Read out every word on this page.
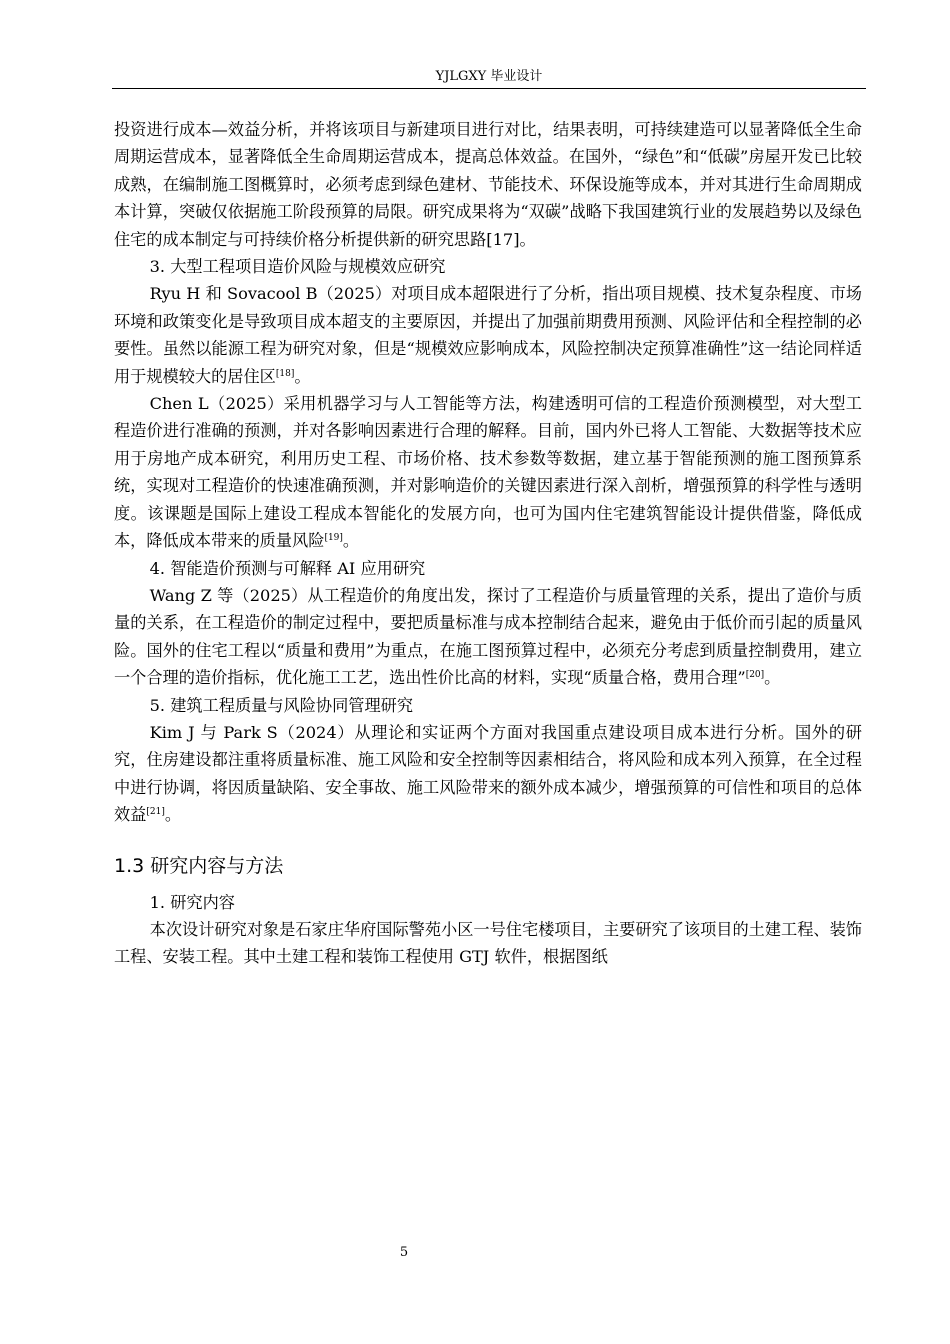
YJLGXY 毕业设计

投资进行成本—效益分析，并将该项目与新建项目进行对比，结果表明，可持续建造可以显著降低全生命周期运营成本，显著降低全生命周期运营成本，提高总体效益。在国外，“绿色”和“低碳”房屋开发已比较成熟，在编制施工图概算时，必须考虑到绿色建材、节能技术、环保设施等成本，并对其进行生命周期成本计算，突破仅依据施工阶段预算的局限。研究成果将为“双碳”战略下我国建筑行业的发展趋势以及绿色住宅的成本制定与可持续价格分析提供新的研究思路[17]。

3. 大型工程项目造价风险与规模效应研究

Ryu H 和 Sovacool B（2025）对项目成本超限进行了分析，指出项目规模、技术复杂程度、市场环境和政策变化是导致项目成本超支的主要原因，并提出了加强前期费用预测、风险评估和全程控制的必要性。虽然以能源工程为研究对象，但是“规模效应影响成本，风险控制决定预算准确性”这一结论同样适用于规模较大的居住区[18]。

Chen L（2025）采用机器学习与人工智能等方法，构建透明可信的工程造价预测模型，对大型工程造价进行准确的预测，并对各影响因素进行合理的解释。目前，国内外已将人工智能、大数据等技术应用于房地产成本研究，利用历史工程、市场价格、技术参数等数据，建立基于智能预测的施工图预算系统，实现对工程造价的快速准确预测，并对影响造价的关键因素进行深入剖析，增强预算的科学性与透明度。该课题是国际上建设工程成本智能化的发展方向，也可为国内住宅建筑智能设计提供借鉴，降低成本，降低成本带来的质量风险[19]。

4. 智能造价预测与可解释 AI 应用研究

Wang Z 等（2025）从工程造价的角度出发，探讨了工程造价与质量管理的关系，提出了造价与质量的关系，在工程造价的制定过程中，要把质量标准与成本控制结合起来，避免由于低价而引起的质量风险。国外的住宅工程以“质量和费用”为重点，在施工图预算过程中，必须充分考虑到质量控制费用，建立一个合理的造价指标，优化施工工艺，选出性价比高的材料，实现“质量合格，费用合理”[20]。

5. 建筑工程质量与风险协同管理研究

Kim J 与 Park S（2024）从理论和实证两个方面对我国重点建设项目成本进行分析。国外的研究，住房建设都注重将质量标准、施工风险和安全控制等因素相结合，将风险和成本列入预算，在全过程中进行协调，将因质量缺陷、安全事故、施工风险带来的额外成本减少，增强预算的可信性和项目的总体效益[21]。

1.3 研究内容与方法

1. 研究内容

本次设计研究对象是石家庄华府国际警苑小区一号住宅楼项目，主要研究了该项目的土建工程、装饰工程、安装工程。其中土建工程和装饰工程使用 GTJ 软件，根据图纸

5
